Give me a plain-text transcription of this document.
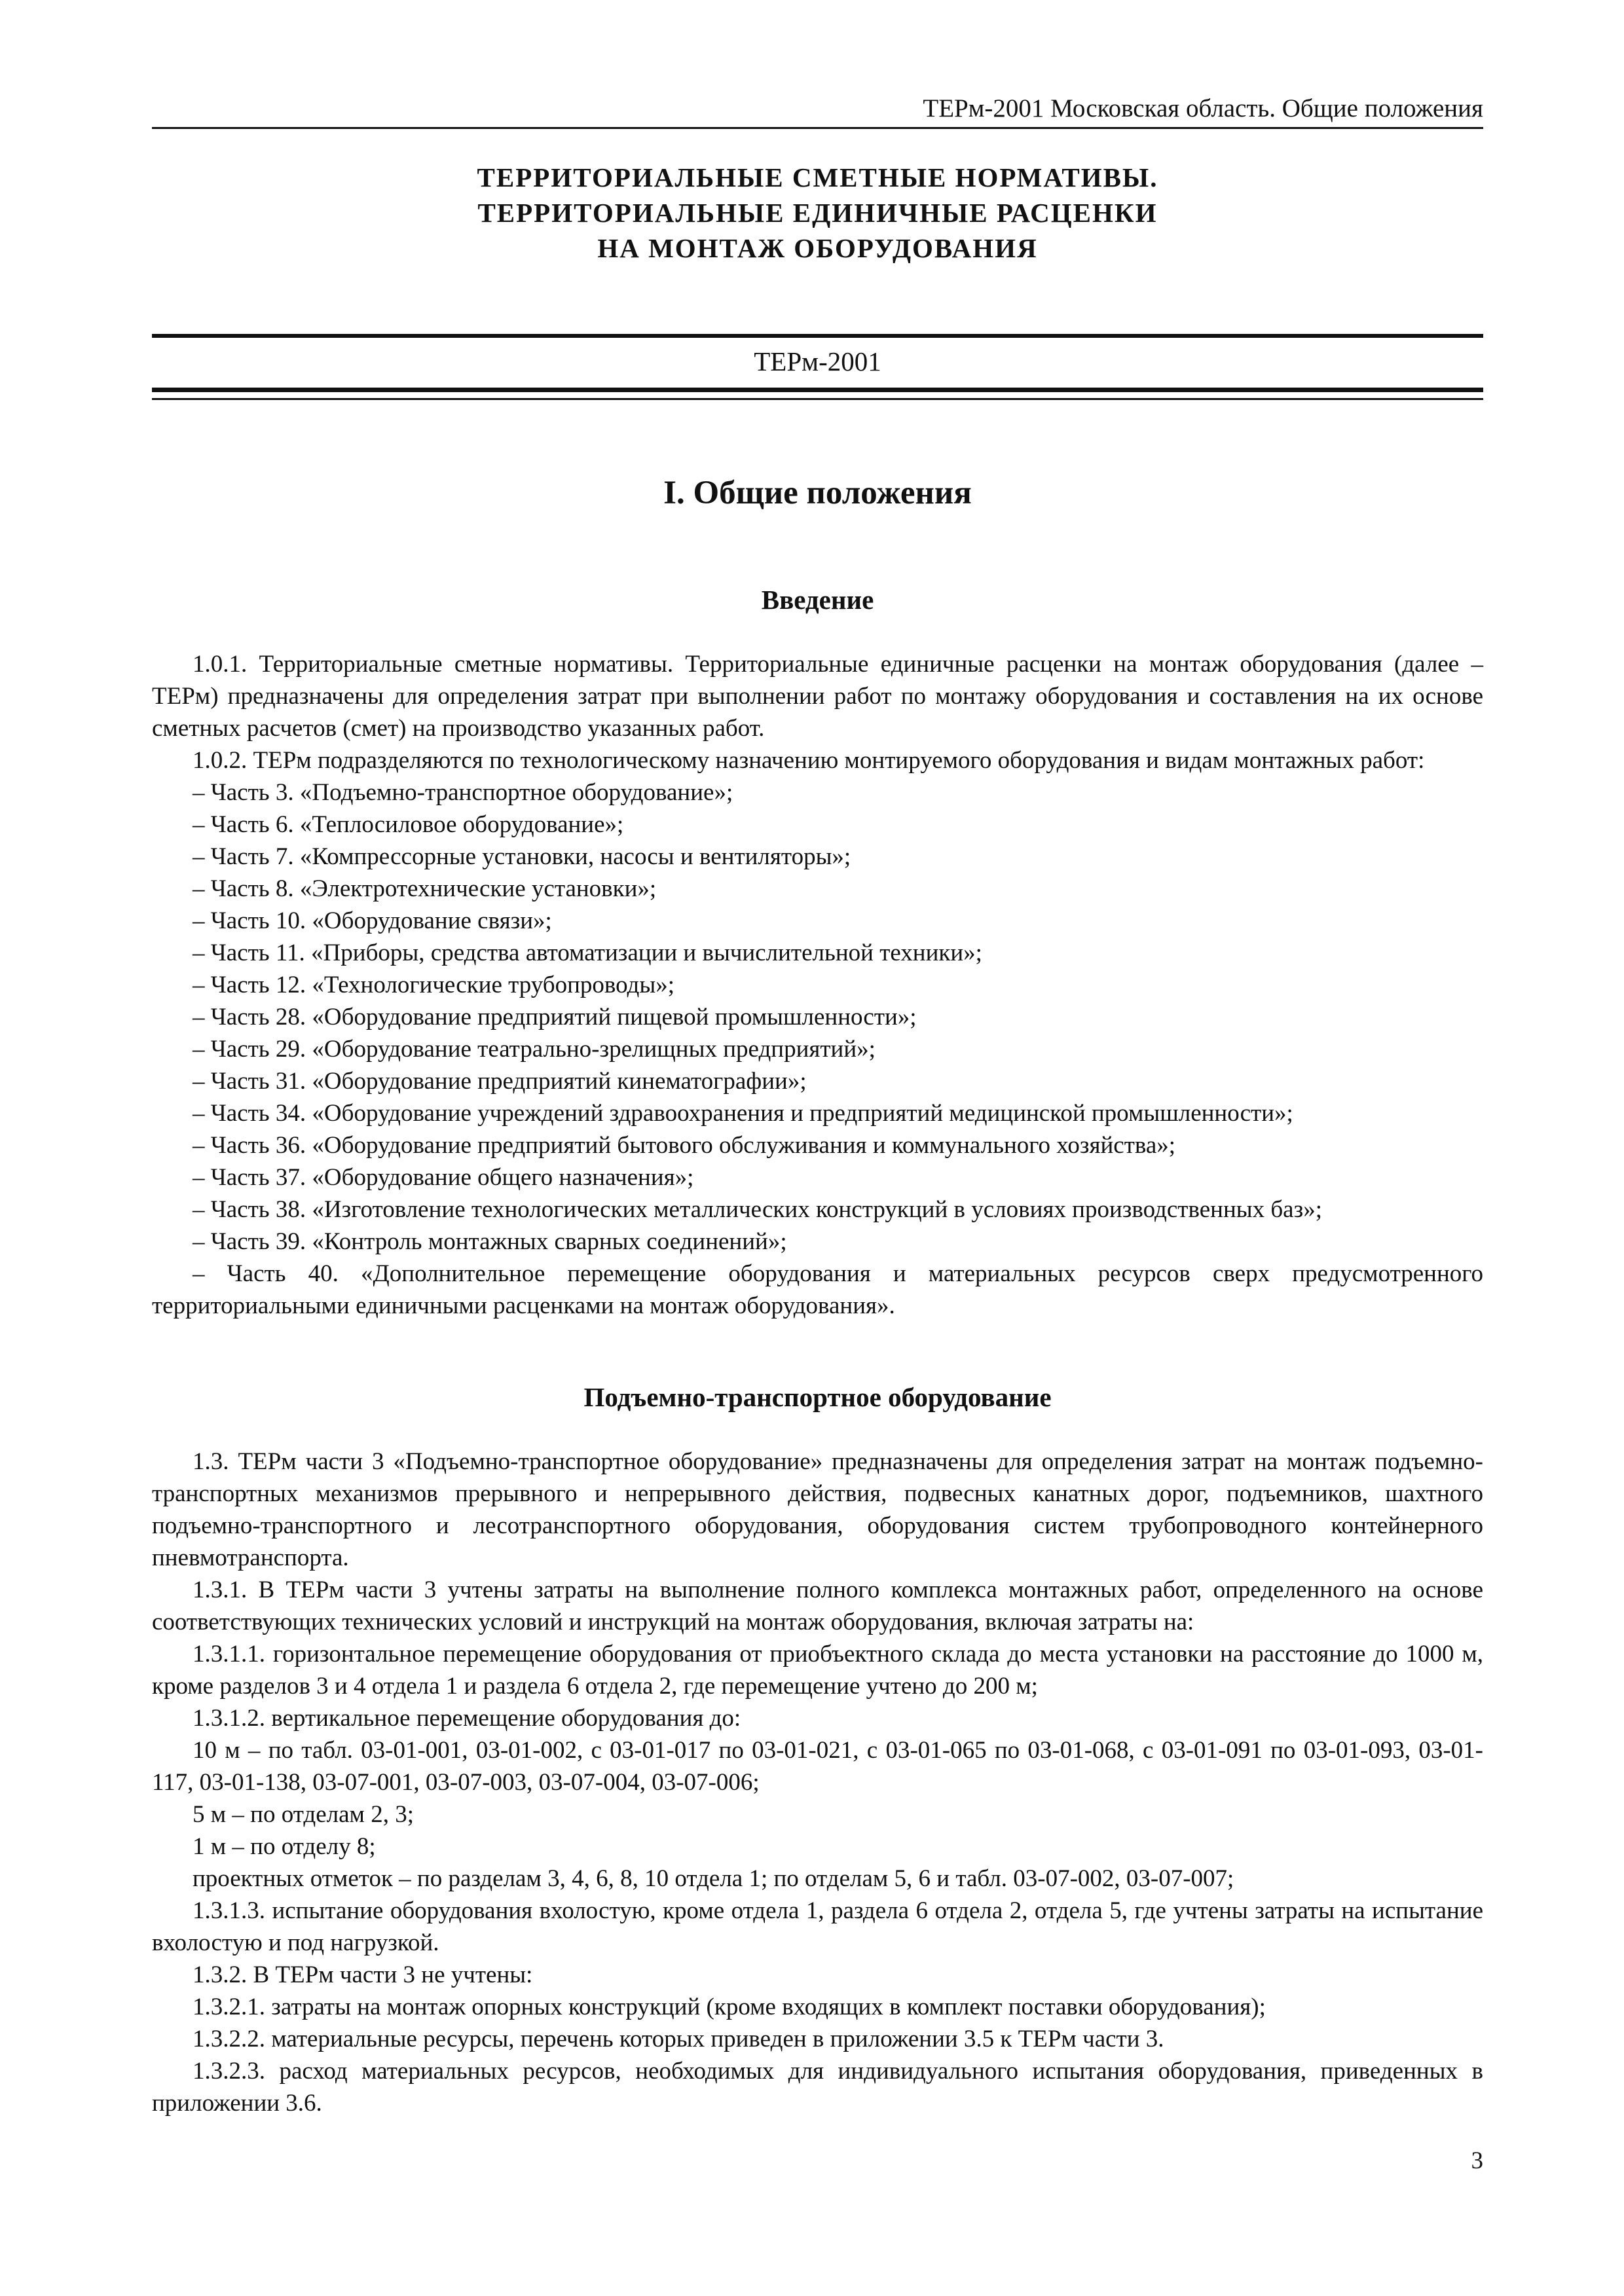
ТЕРм-2001 Московская область. Общие положения
ТЕРРИТОРИАЛЬНЫЕ СМЕТНЫЕ НОРМАТИВЫ.
ТЕРРИТОРИАЛЬНЫЕ ЕДИНИЧНЫЕ РАСЦЕНКИ
НА МОНТАЖ ОБОРУДОВАНИЯ
ТЕРм-2001
I. Общие положения
Введение

1.0.1. Территориальные сметные нормативы. Территориальные единичные расценки на монтаж оборудования (далее – ТЕРм) предназначены для определения затрат при выполнении работ по монтажу оборудования и составления на их основе сметных расчетов (смет) на производство указанных работ.

1.0.2. ТЕРм подразделяются по технологическому назначению монтируемого оборудования и видам монтажных работ:

– Часть 3. «Подъемно-транспортное оборудование»;

– Часть 6. «Теплосиловое оборудование»;

– Часть 7. «Компрессорные установки, насосы и вентиляторы»;

– Часть 8. «Электротехнические установки»;

– Часть 10. «Оборудование связи»;

– Часть 11. «Приборы, средства автоматизации и вычислительной техники»;

– Часть 12. «Технологические трубопроводы»;

– Часть 28. «Оборудование предприятий пищевой промышленности»;

– Часть 29. «Оборудование театрально-зрелищных предприятий»;

– Часть 31. «Оборудование предприятий кинематографии»;

– Часть 34. «Оборудование учреждений здравоохранения и предприятий медицинской промышленности»;

– Часть 36. «Оборудование предприятий бытового обслуживания и коммунального хозяйства»;

– Часть 37. «Оборудование общего назначения»;

– Часть 38. «Изготовление технологических металлических конструкций в условиях производственных баз»;

– Часть 39. «Контроль монтажных сварных соединений»;

– Часть 40. «Дополнительное перемещение оборудования и материальных ресурсов сверх предусмотренного территориальными единичными расценками на монтаж оборудования».

Подъемно-транспортное оборудование

1.3. ТЕРм части 3 «Подъемно-транспортное оборудование» предназначены для определения затрат на монтаж подъемно-транспортных механизмов прерывного и непрерывного действия, подвесных канатных дорог, подъемников, шахтного подъемно-транспортного и лесотранспортного оборудования, оборудования систем трубопроводного контейнерного пневмотранспорта.

1.3.1. В ТЕРм части 3 учтены затраты на выполнение полного комплекса монтажных работ, определенного на основе соответствующих технических условий и инструкций на монтаж оборудования, включая затраты на:

1.3.1.1. горизонтальное перемещение оборудования от приобъектного склада до места установки на расстояние до 1000 м, кроме разделов 3 и 4 отдела 1 и раздела 6 отдела 2, где перемещение учтено до 200 м;

1.3.1.2. вертикальное перемещение оборудования до:

10 м – по табл. 03-01-001, 03-01-002, с 03-01-017 по 03-01-021, с 03-01-065 по 03-01-068, с 03-01-091 по 03-01-093, 03-01-117, 03-01-138, 03-07-001, 03-07-003, 03-07-004, 03-07-006;

5 м – по отделам 2, 3;

1 м – по отделу 8;

проектных отметок – по разделам 3, 4, 6, 8, 10 отдела 1; по отделам 5, 6 и табл. 03-07-002, 03-07-007;

1.3.1.3. испытание оборудования вхолостую, кроме отдела 1, раздела 6 отдела 2, отдела 5, где учтены затраты на испытание вхолостую и под нагрузкой.

1.3.2. В ТЕРм части 3 не учтены:

1.3.2.1. затраты на монтаж опорных конструкций (кроме входящих в комплект поставки оборудования);

1.3.2.2. материальные ресурсы, перечень которых приведен в приложении 3.5 к ТЕРм части 3.

1.3.2.3. расход материальных ресурсов, необходимых для индивидуального испытания оборудования, приведенных в приложении 3.6.

3
